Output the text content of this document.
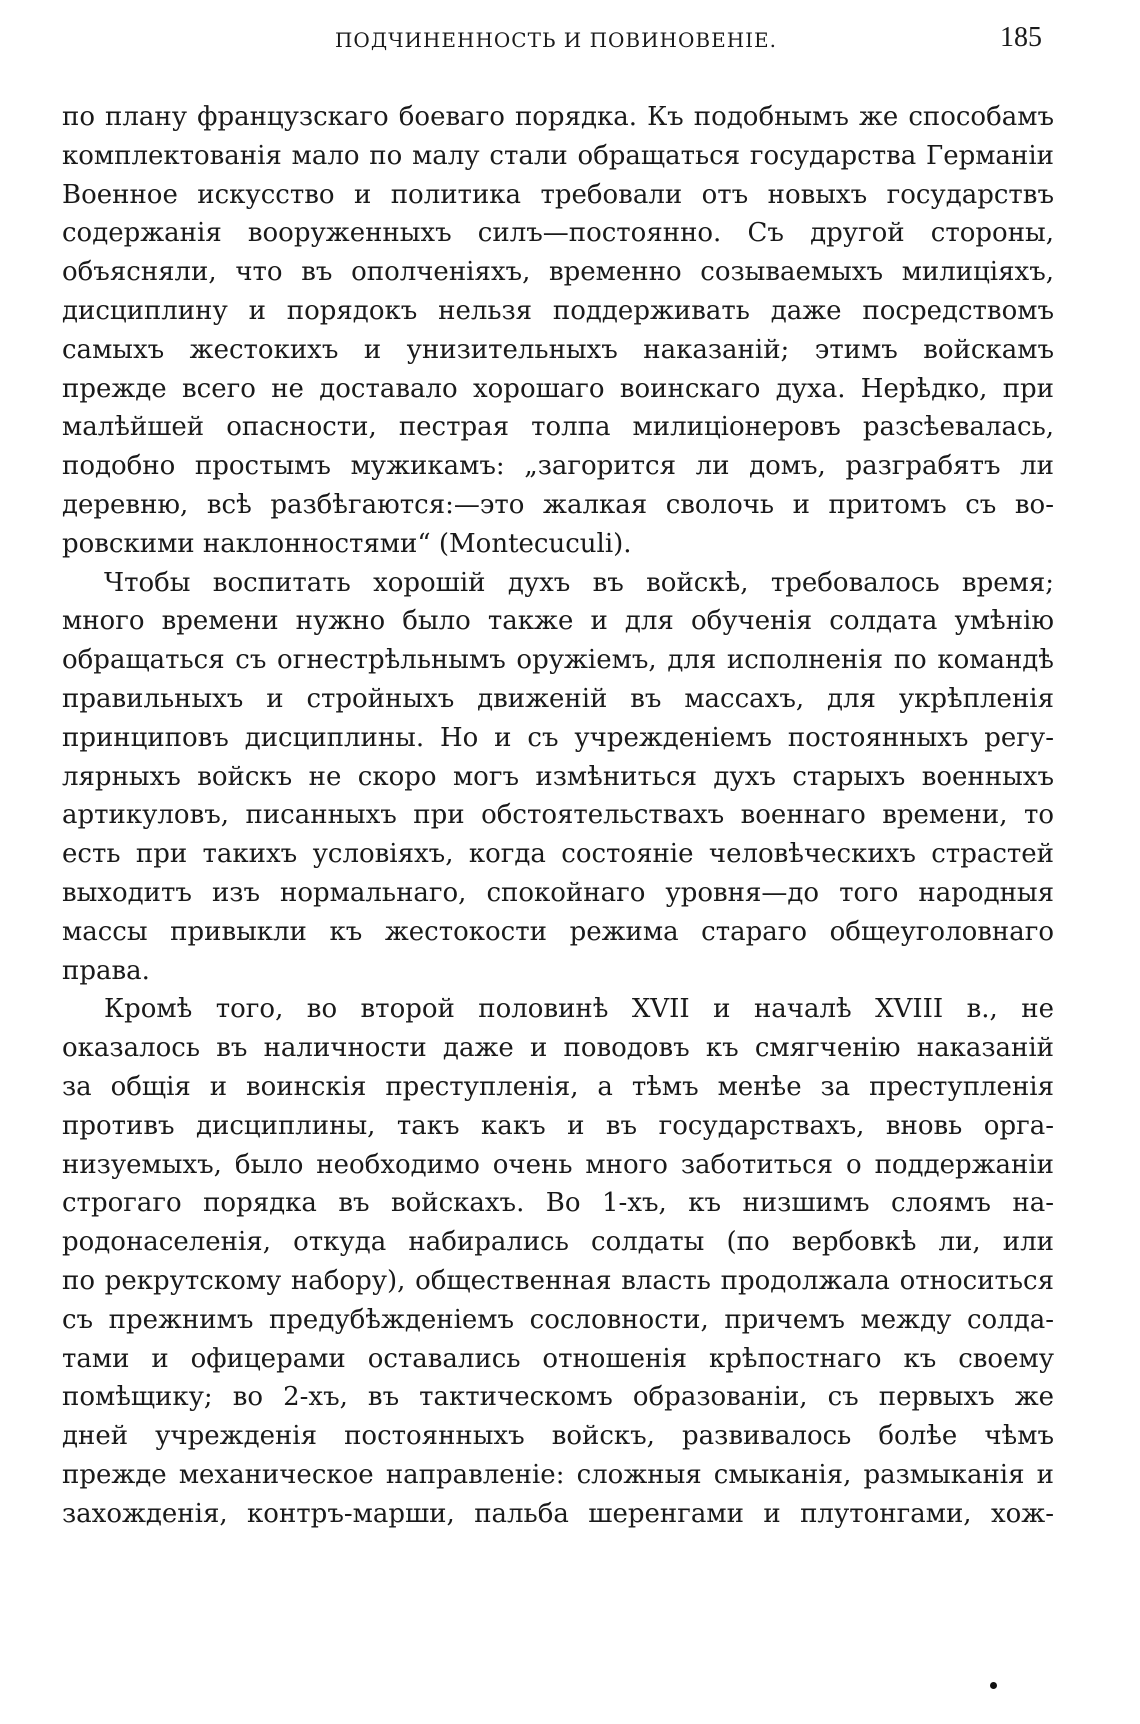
ПОДЧИНЕННОСТЬ И ПОВИНОВЕНІЕ.	185
по плану французскаго боеваго порядка. Къ подобнымъ же способамъ
комплектованія мало по малу стали обращаться государства Германіи
Военное искусство и политика требовали отъ новыхъ государствъ
содержанія вооруженныхъ силъ—постоянно. Съ другой стороны,
объясняли, что въ ополченіяхъ, временно созываемыхъ милиціяхъ,
дисциплину и порядокъ нельзя поддерживать даже посредствомъ
самыхъ жестокихъ и унизительныхъ наказаній; этимъ войскамъ
прежде всего не доставало хорошаго воинскаго духа. Нерѣдко, при
малѣйшей опасности, пестрая толпа милиціонеровъ разсѣевалась,
подобно простымъ мужикамъ: „загорится ли домъ, разграбятъ ли
деревню, всѣ разбѣгаются:—это жалкая сволочь и притомъ съ во-
ровскими наклонностями“ (Montecuculi).
Чтобы воспитать хорошій духъ въ войскѣ, требовалось время;
много времени нужно было также и для обученія солдата умѣнію
обращаться съ огнестрѣльнымъ оружіемъ, для исполненія по командѣ
правильныхъ и стройныхъ движеній въ массахъ, для укрѣпленія
принциповъ дисциплины. Но и съ учрежденіемъ постоянныхъ регу-
лярныхъ войскъ не скоро могъ измѣниться духъ старыхъ военныхъ
артикуловъ, писанныхъ при обстоятельствахъ военнаго времени, то
есть при такихъ условіяхъ, когда состояніе человѣческихъ страстей
выходитъ изъ нормальнаго, спокойнаго уровня—до того народныя
массы привыкли къ жестокости режима стараго общеуголовнаго
права.
Кромѣ того, во второй половинѣ XVII и началѣ XVIII в., не
оказалось въ наличности даже и поводовъ къ смягченію наказаній
за общія и воинскія преступленія, а тѣмъ менѣе за преступленія
противъ дисциплины, такъ какъ и въ государствахъ, вновь орга-
низуемыхъ, было необходимо очень много заботиться о поддержаніи
строгаго порядка въ войскахъ. Во 1-хъ, къ низшимъ слоямъ на-
родонаселенія, откуда набирались солдаты (по вербовкѣ ли, или
по рекрутскому набору), общественная власть продолжала относиться
съ прежнимъ предубѣжденіемъ сословности, причемъ между солда-
тами и офицерами оставались отношенія крѣпостнаго къ своему
помѣщику; во 2-хъ, въ тактическомъ образованіи, съ первыхъ же
дней учрежденія постоянныхъ войскъ, развивалось болѣе чѣмъ
прежде механическое направленіе: сложныя смыканія, размыканія и
захожденія, контръ-марши, пальба шеренгами и плутонгами, хож-
